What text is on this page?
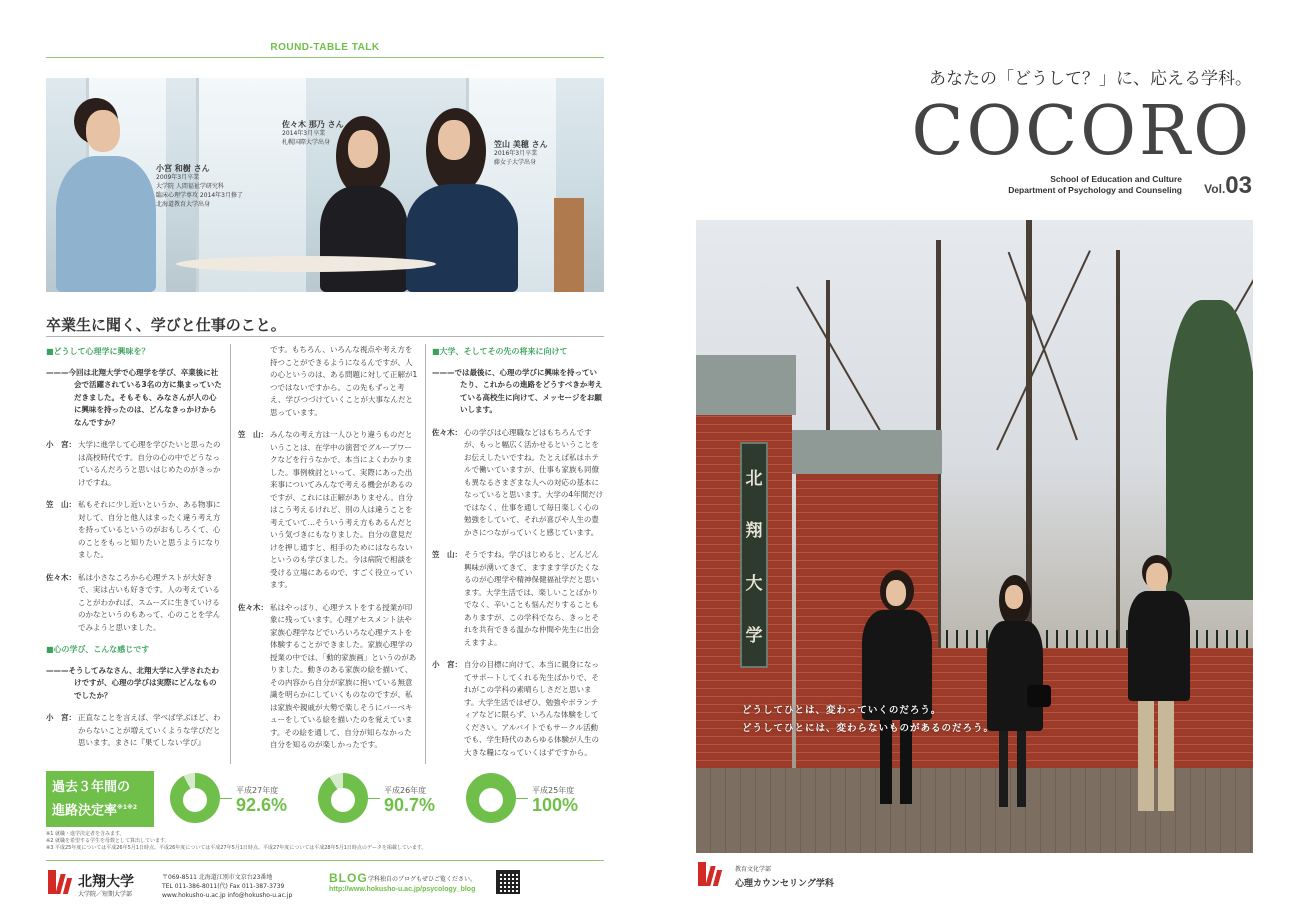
ROUND-TABLE TALK
佐々木 那乃 さん
2014年3月卒業
札幌国際大学出身
小宮 和樹 さん
2009年3月卒業
大学院 人間福祉学研究科
臨床心理学専攻 2014年3月修了
北海道教育大学出身
笠山 美穂 さん
2016年3月卒業
藤女子大学出身
卒業生に聞く、学びと仕事のこと。
■どうして心理学に興味を？
———今回は北翔大学で心理学を学び、卒業後に社会で活躍されている3名の方に集まっていただきました。そもそも、みなさんが人の心に興味を持ったのは、どんなきっかけからなんですか？
小　宮： 大学に進学して心理を学びたいと思ったのは高校時代です。自分の心の中でどうなっているんだろうと思いはじめたのがきっかけですね。
笠　山： 私もそれに少し近いというか、ある物事に対して、自分と他人はまったく違う考え方を持っているというのがおもしろくて、心のことをもっと知りたいと思うようになりました。
佐々木： 私は小さなころから心理テストが大好きで、実は占いも好きです。人の考えていることがわかれば、スムーズに生きていけるのかなというのもあって、心のことを学んでみようと思いました。
■心の学び、こんな感じです
———そうしてみなさん、北翔大学に入学されたわけですが、心理の学びは実際にどんなものでしたか？
小　宮： 正直なことを言えば、学べば学ぶほど、わからないことが増えていくような学びだと思います。まさに『果てしない学び』
です。もちろん、いろんな視点や考え方を持つことができるようになるんですが、人の心というのは、ある問題に対して正解が1つではないですから。この先もずっと考え、学びつづけていくことが大事なんだと思っています。
笠　山： みんなの考え方は一人ひとり違うものだということは、在学中の演習でグループワークなどを行うなかで、本当によくわかりました。事例検討といって、実際にあった出来事についてみんなで考える機会があるのですが、これには正解がありません。自分はこう考えるけれど、別の人は違うことを考えていて…そういう考え方もあるんだという気づきにもなりました。自分の意見だけを押し通すと、相手のためにはならないというのも学びました。今は病院で相談を受ける立場にあるので、すごく役立っています。
佐々木： 私はやっぱり、心理テストをする授業が印象に残っています。心理アセスメント法や家族心理学などでいろいろな心理テストを体験することができました。家族心理学の授業の中では、「動的家族画」というのがありました。動きのある家族の絵を描いて、その内容から自分が家族に抱いている無意識を明らかにしていくものなのですが、私は家族や親戚が大勢で楽しそうにバーベキューをしている絵を描いたのを覚えています。その絵を通して、自分が知らなかった自分を知るのが楽しかったです。
■大学、そしてその先の将来に向けて
———では最後に、心理の学びに興味を持っていたり、これからの進路をどうすべきか考えている高校生に向けて、メッセージをお願いします。
佐々木： 心の学びは心理職などはもちろんですが、もっと幅広く活かせるということをお伝えしたいですね。たとえば私はホテルで働いていますが、仕事も家族も同僚も異なるさまざまな人への対応の基本になっていると思います。大学の4年間だけではなく、仕事を通して毎日楽しく心の勉強をしていて、それが喜びや人生の豊かさにつながっていくと感じています。
笠　山： そうですね。学びはじめると、どんどん興味が湧いてきて、ますます学びたくなるのが心理学や精神保健福祉学だと思います。大学生活では、楽しいことばかりでなく、辛いことも悩んだりすることもありますが、この学科でなら、きっとそれを共有できる温かな仲間や先生に出会えますよ。
小　宮： 自分の目標に向けて、本当に親身になってサポートしてくれる先生ばかりで、それがこの学科の素晴らしさだと思います。大学生活ではぜひ、勉強やボランティアなどに限らず、いろんな体験をしてください。アルバイトでもサークル活動でも、学生時代のあらゆる体験が人生の大きな糧になっていくはずですから。
過去３年間の
進路決定率$^{※1※2}$
平成27年度
92.6%
平成26年度
90.7%
平成25年度
100%
※1 就職・進学決定者を含みます。
※2 就職を希望する学生を母数として算出しています。
※3 平成25年度については平成26年5月1日時点、平成26年度については平成27年5月1日時点、平成27年度については平成28年5月1日時点のデータを掲載しています。
北翔大学
大学院／短期大学部
〒069-8511 北海道江別市文京台23番地
TEL 011-386-8011(代) Fax 011-387-3739
www.hokusho-u.ac.jp info@hokusho-u.ac.jp
BLOG 学科独自のブログもぜひご覧ください。
http://www.hokusho-u.ac.jp/psycology_blog
あなたの「どうして？」に、応える学科。
COCORO
School of Education and Culture
Department of Psychology and Counseling Vol.03
北
翔
大
学
どうしてひとは、変わっていくのだろう。
どうしてひとには、変わらないものがあるのだろう。
教育文化学部
心理カウンセリング学科
